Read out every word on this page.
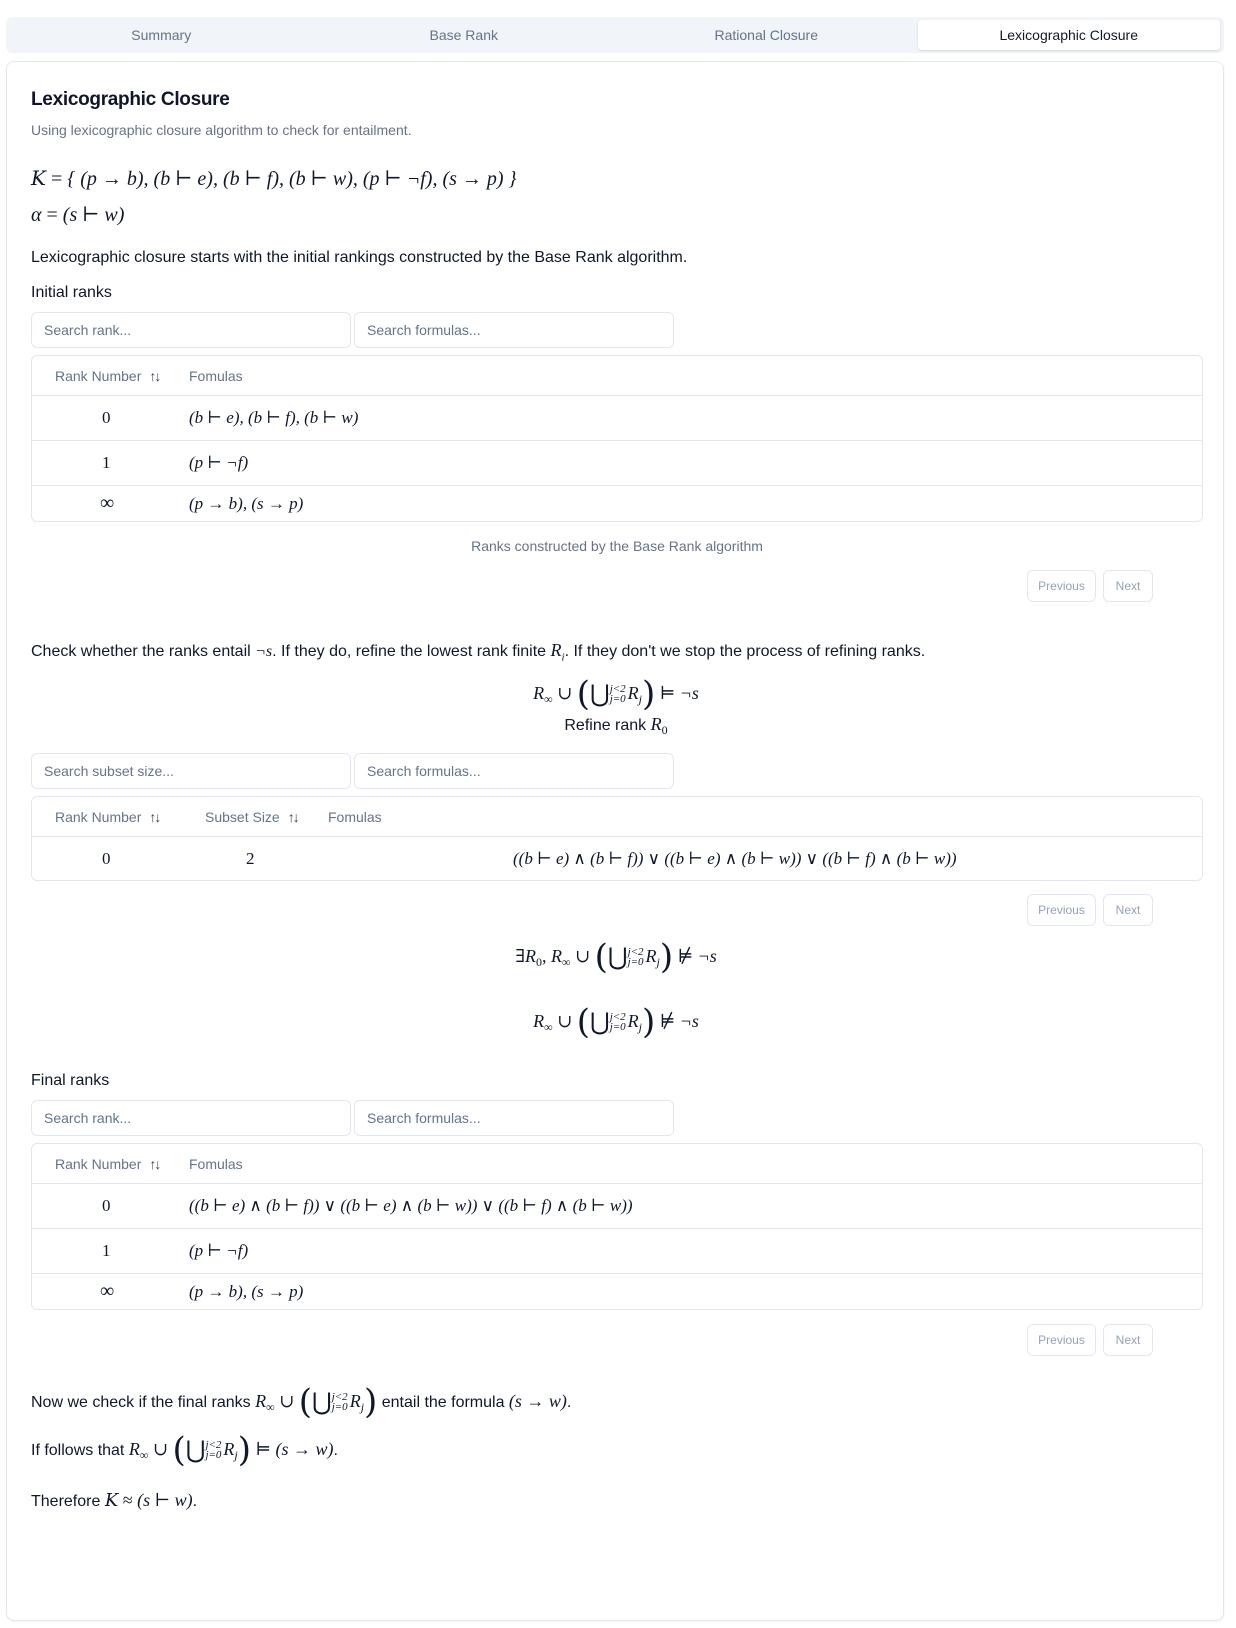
Summary	Base Rank	Rational Closure	Lexicographic Closure
Lexicographic Closure
Using lexicographic closure algorithm to check for entailment.
K = { (p → b), (b ⊢ e), (b ⊢ f), (b ⊢ w), (p ⊢ ¬f), (s → p) }
α = (s ⊢ w)
Lexicographic closure starts with the initial rankings constructed by the Base Rank algorithm.
Initial ranks
Search rank...
Search formulas...
Rank Number ↑↓ Fomulas
0	(b ⊢ e), (b ⊢ f), (b ⊢ w)
1	(p ⊢ ¬f)
∞	(p → b), (s → p)
Ranks constructed by the Base Rank algorithm
Previous	Next
Check whether the ranks entail ¬s. If they do, refine the lowest rank finite $R_i$. If they don't we stop the process of refining ranks.
$R_\infty$ ∪ (⋃ j<2
j=0 $R_j$) ⊨ ¬s
Refine rank $R_0$
Search subset size...
Search formulas...
Rank Number ↑↓	Subset Size ↑↓ Fomulas
0	2	((b ⊢ e) ∧ (b ⊢ f)) ∨ ((b ⊢ e) ∧ (b ⊢ w)) ∨ ((b ⊢ f) ∧ (b ⊢ w))
Previous	Next
$\exists R_0$, $R_\infty$ ∪ (⋃ j<2
j=0 $R_j$) ⊭ ¬s
$R_\infty$ ∪ (⋃ j<2
j=0 $R_j$) ⊭ ¬s
Final ranks
Search rank...
Search formulas...
Rank Number ↑↓ Fomulas
0	((b ⊢ e) ∧ (b ⊢ f)) ∨ ((b ⊢ e) ∧ (b ⊢ w)) ∨ ((b ⊢ f) ∧ (b ⊢ w))
1	(p ⊢ ¬f)
∞	(p → b), (s → p)
Previous	Next
Now we check if the final ranks $R_\infty$ ∪ (⋃ j<2
j=0 $R_j$) entail the formula (s → w).
If follows that $R_\infty$ ∪ (⋃ j<2
j=0 $R_j$) ⊨ (s → w).
Therefore K ≈ (s ⊢ w).
